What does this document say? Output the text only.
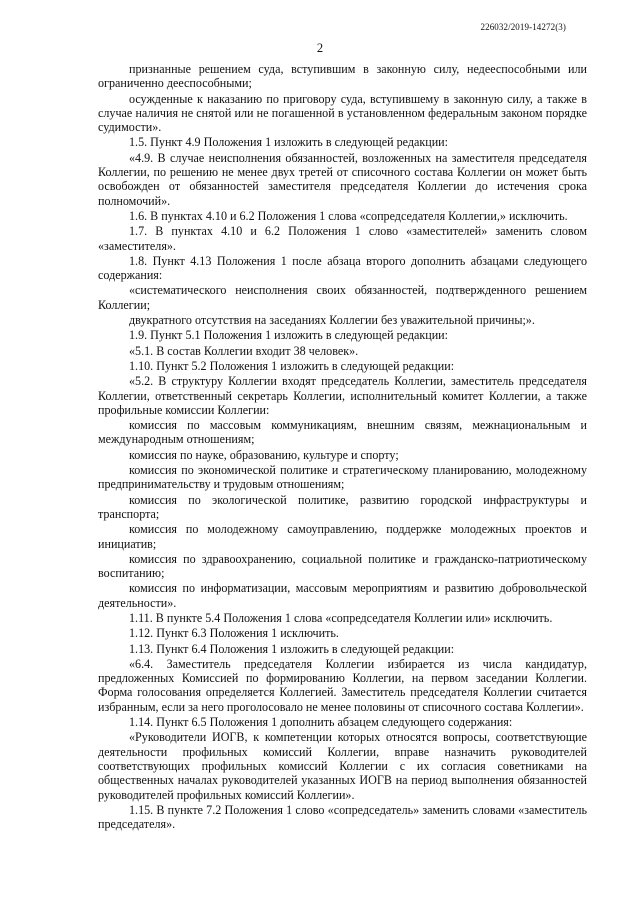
226032/2019-14272(3)
2

признанные решением суда, вступившим в законную силу, недееспособными или ограниченно дееспособными;

осужденные к наказанию по приговору суда, вступившему в законную силу, а также в случае наличия не снятой или не погашенной в установленном федеральным законом порядке судимости».

1.5. Пункт 4.9 Положения 1 изложить в следующей редакции:

«4.9. В случае неисполнения обязанностей, возложенных на заместителя председателя Коллегии, по решению не менее двух третей от списочного состава Коллегии он может быть освобожден от обязанностей заместителя председателя Коллегии до истечения срока полномочий».

1.6. В пунктах 4.10 и 6.2 Положения 1 слова «сопредседателя Коллегии,» исключить.

1.7. В пунктах 4.10 и 6.2 Положения 1 слово «заместителей» заменить словом «заместителя».

1.8. Пункт 4.13 Положения 1 после абзаца второго дополнить абзацами следующего содержания:

«систематического неисполнения своих обязанностей, подтвержденного решением Коллегии;

двукратного отсутствия на заседаниях Коллегии без уважительной причины;».

1.9. Пункт 5.1 Положения 1 изложить в следующей редакции:

«5.1. В состав Коллегии входит 38 человек».

1.10. Пункт 5.2 Положения 1 изложить в следующей редакции:

«5.2. В структуру Коллегии входят председатель Коллегии, заместитель председателя Коллегии, ответственный секретарь Коллегии, исполнительный комитет Коллегии, а также профильные комиссии Коллегии:

комиссия по массовым коммуникациям, внешним связям, межнациональным и международным отношениям;

комиссия по науке, образованию, культуре и спорту;

комиссия по экономической политике и стратегическому планированию, молодежному предпринимательству и трудовым отношениям;

комиссия по экологической политике, развитию городской инфраструктуры и транспорта;

комиссия по молодежному самоуправлению, поддержке молодежных проектов и инициатив;

комиссия по здравоохранению, социальной политике и гражданско-патриотическому воспитанию;

комиссия по информатизации, массовым мероприятиям и развитию добровольческой деятельности».

1.11. В пункте 5.4 Положения 1 слова «сопредседателя Коллегии или» исключить.

1.12. Пункт 6.3 Положения 1 исключить.

1.13. Пункт 6.4 Положения 1 изложить в следующей редакции:

«6.4. Заместитель председателя Коллегии избирается из числа кандидатур, предложенных Комиссией по формированию Коллегии, на первом заседании Коллегии. Форма голосования определяется Коллегией. Заместитель председателя Коллегии считается избранным, если за него проголосовало не менее половины от списочного состава Коллегии».

1.14. Пункт 6.5 Положения 1 дополнить абзацем следующего содержания:

«Руководители ИОГВ, к компетенции которых относятся вопросы, соответствующие деятельности профильных комиссий Коллегии, вправе назначить руководителей соответствующих профильных комиссий Коллегии с их согласия советниками на общественных началах руководителей указанных ИОГВ на период выполнения обязанностей руководителей профильных комиссий Коллегии».

1.15. В пункте 7.2 Положения 1 слово «сопредседатель» заменить словами «заместитель председателя».
